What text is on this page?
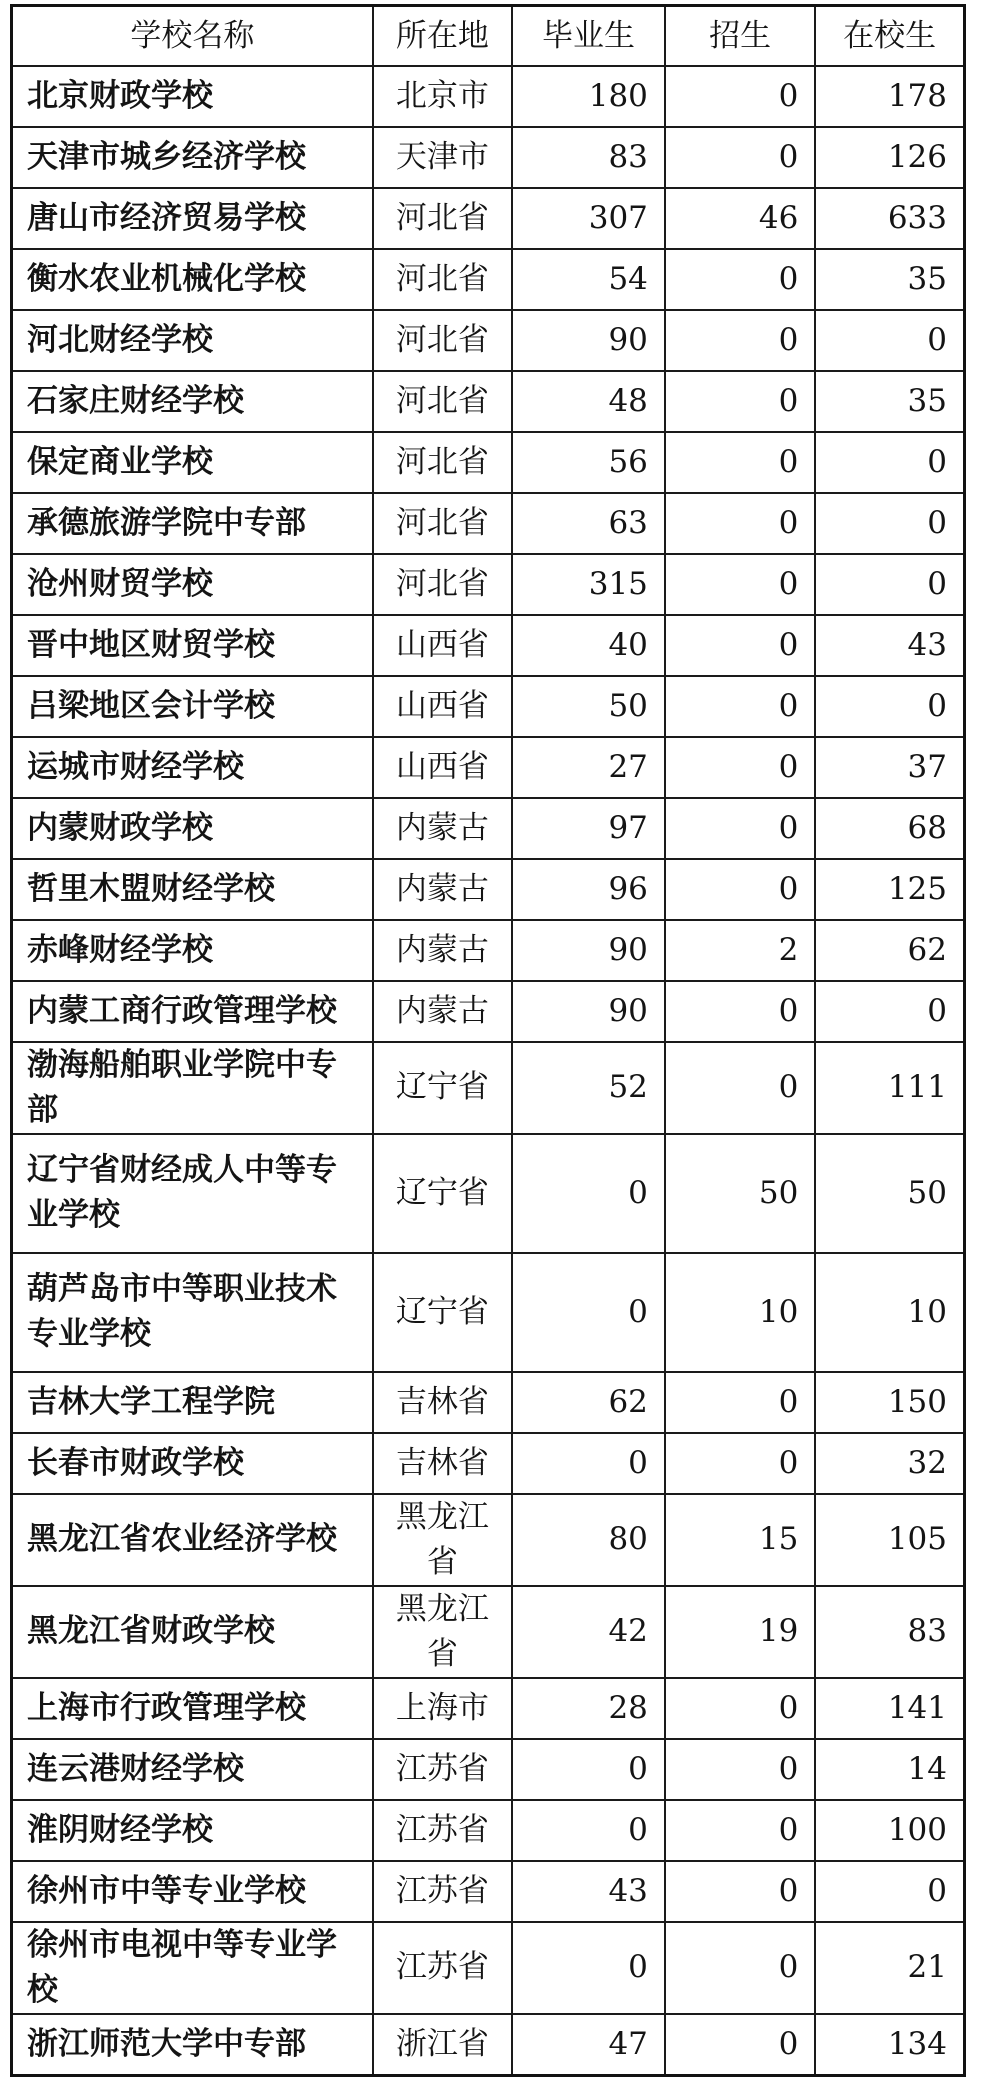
学校名称	所在地	毕业生	招生	在校生
北京财政学校	北京市	180	0	178
天津市城乡经济学校	天津市	83	0	126
唐山市经济贸易学校	河北省	307	46	633
衡水农业机械化学校	河北省	54	0	35
河北财经学校	河北省	90	0	0
石家庄财经学校	河北省	48	0	35
保定商业学校	河北省	56	0	0
承德旅游学院中专部	河北省	63	0	0
沧州财贸学校	河北省	315	0	0
晋中地区财贸学校	山西省	40	0	43
吕梁地区会计学校	山西省	50	0	0
运城市财经学校	山西省	27	0	37
内蒙财政学校	内蒙古	97	0	68
哲里木盟财经学校	内蒙古	96	0	125
赤峰财经学校	内蒙古	90	2	62
内蒙工商行政管理学校	内蒙古	90	0	0
渤海船舶职业学院中专部	辽宁省	52	0	111
辽宁省财经成人中等专业学校	辽宁省	0	50	50
葫芦岛市中等职业技术专业学校	辽宁省	0	10	10
吉林大学工程学院	吉林省	62	0	150
长春市财政学校	吉林省	0	0	32
黑龙江省农业经济学校	黑龙江省	80	15	105
黑龙江省财政学校	黑龙江省	42	19	83
上海市行政管理学校	上海市	28	0	141
连云港财经学校	江苏省	0	0	14
淮阴财经学校	江苏省	0	0	100
徐州市中等专业学校	江苏省	43	0	0
徐州市电视中等专业学校	江苏省	0	0	21
浙江师范大学中专部	浙江省	47	0	134
